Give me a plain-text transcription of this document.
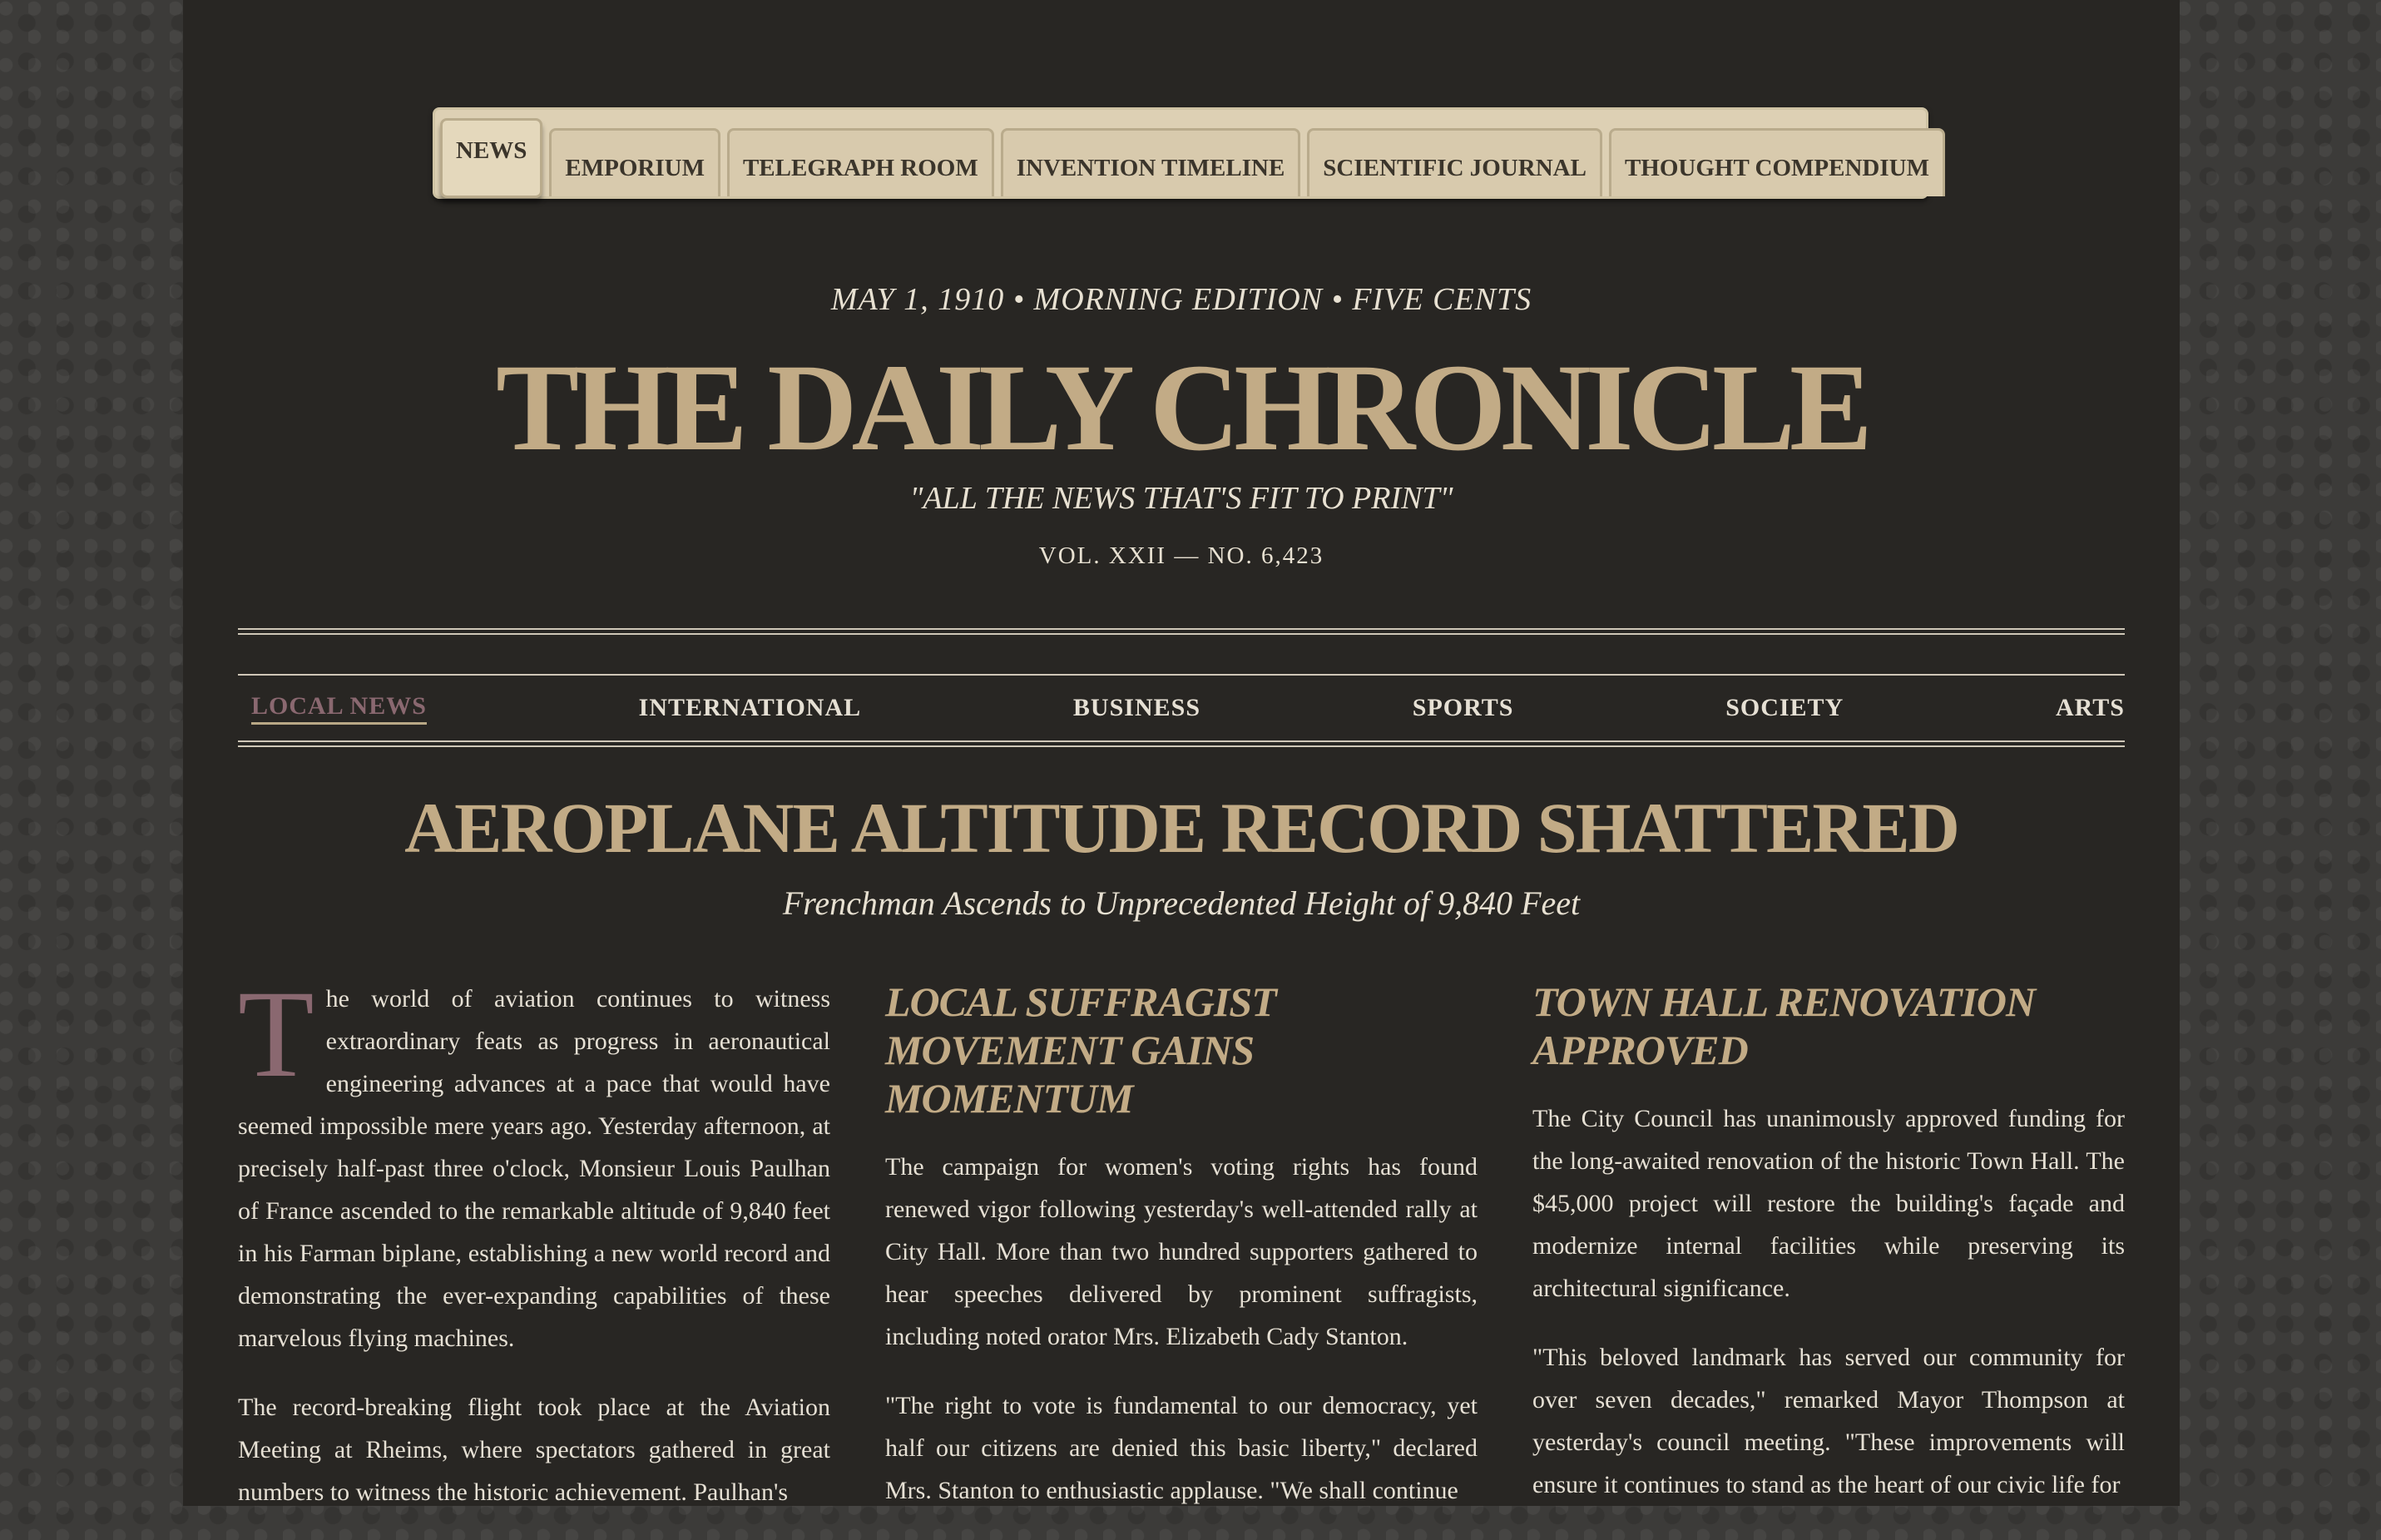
NEWS
EMPORIUM	TELEGRAPH ROOM	INVENTION TIMELINE	SCIENTIFIC JOURNAL	THOUGHT COMPENDIUM
MAY 1, 1910 • MORNING EDITION • FIVE CENTS
THE DAILY CHRONICLE
"ALL THE NEWS THAT'S FIT TO PRINT"
VOL. XXII — NO. 6,423
LOCAL NEWS	INTERNATIONAL	BUSINESS	SPORTS	SOCIETY	ARTS
AEROPLANE ALTITUDE RECORD SHATTERED
Frenchman Ascends to Unprecedented Height of 9,840 Feet

The world of aviation continues to witness extraordinary feats as progress in aeronautical engineering advances at a pace that would have seemed impossible mere years ago. Yesterday afternoon, at precisely half-past three o'clock, Monsieur Louis Paulhan of France ascended to the remarkable altitude of 9,840 feet in his Farman biplane, establishing a new world record and demonstrating the ever-expanding capabilities of these marvelous flying machines.

The record-breaking flight took place at the Aviation Meeting at Rheims, where spectators gathered in great numbers to witness the historic achievement. Paulhan's

LOCAL SUFFRAGIST MOVEMENT GAINS MOMENTUM

The campaign for women's voting rights has found renewed vigor following yesterday's well-attended rally at City Hall. More than two hundred supporters gathered to hear speeches delivered by prominent suffragists, including noted orator Mrs. Elizabeth Cady Stanton.

"The right to vote is fundamental to our democracy, yet half our citizens are denied this basic liberty," declared Mrs. Stanton to enthusiastic applause. "We shall continue

TOWN HALL RENOVATION APPROVED

The City Council has unanimously approved funding for the long-awaited renovation of the historic Town Hall. The $45,000 project will restore the building's façade and modernize internal facilities while preserving its architectural significance.

"This beloved landmark has served our community for over seven decades," remarked Mayor Thompson at yesterday's council meeting. "These improvements will ensure it continues to stand as the heart of our civic life for
